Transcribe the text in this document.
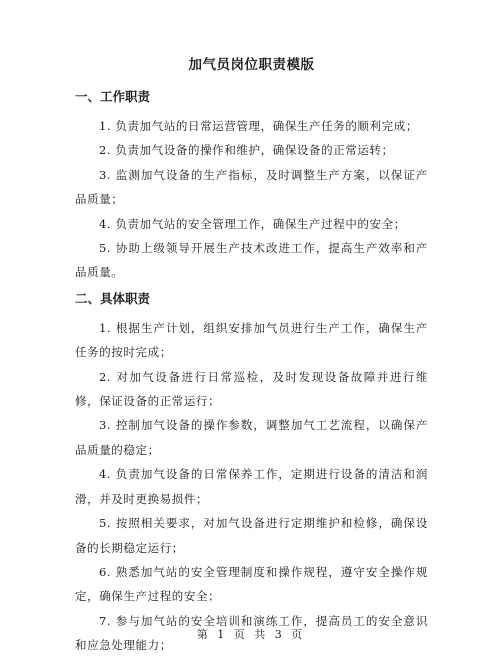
加气员岗位职责模版
一、工作职责

1. 负责加气站的日常运营管理，确保生产任务的顺利完成；

2. 负责加气设备的操作和维护，确保设备的正常运转；

3. 监测加气设备的生产指标，及时调整生产方案，以保证产品质量；

4. 负责加气站的安全管理工作，确保生产过程中的安全；

5. 协助上级领导开展生产技术改进工作，提高生产效率和产品质量。

二、具体职责

1. 根据生产计划，组织安排加气员进行生产工作，确保生产任务的按时完成；

2. 对加气设备进行日常巡检，及时发现设备故障并进行维修，保证设备的正常运行；

3. 控制加气设备的操作参数，调整加气工艺流程，以确保产品质量的稳定；

4. 负责加气设备的日常保养工作，定期进行设备的清洁和润滑，并及时更换易损件；

5. 按照相关要求，对加气设备进行定期维护和检修，确保设备的长期稳定运行；

6. 熟悉加气站的安全管理制度和操作规程，遵守安全操作规定，确保生产过程的安全；

7. 参与加气站的安全培训和演练工作，提高员工的安全意识和应急处理能力；

第 1 页 共 3 页
